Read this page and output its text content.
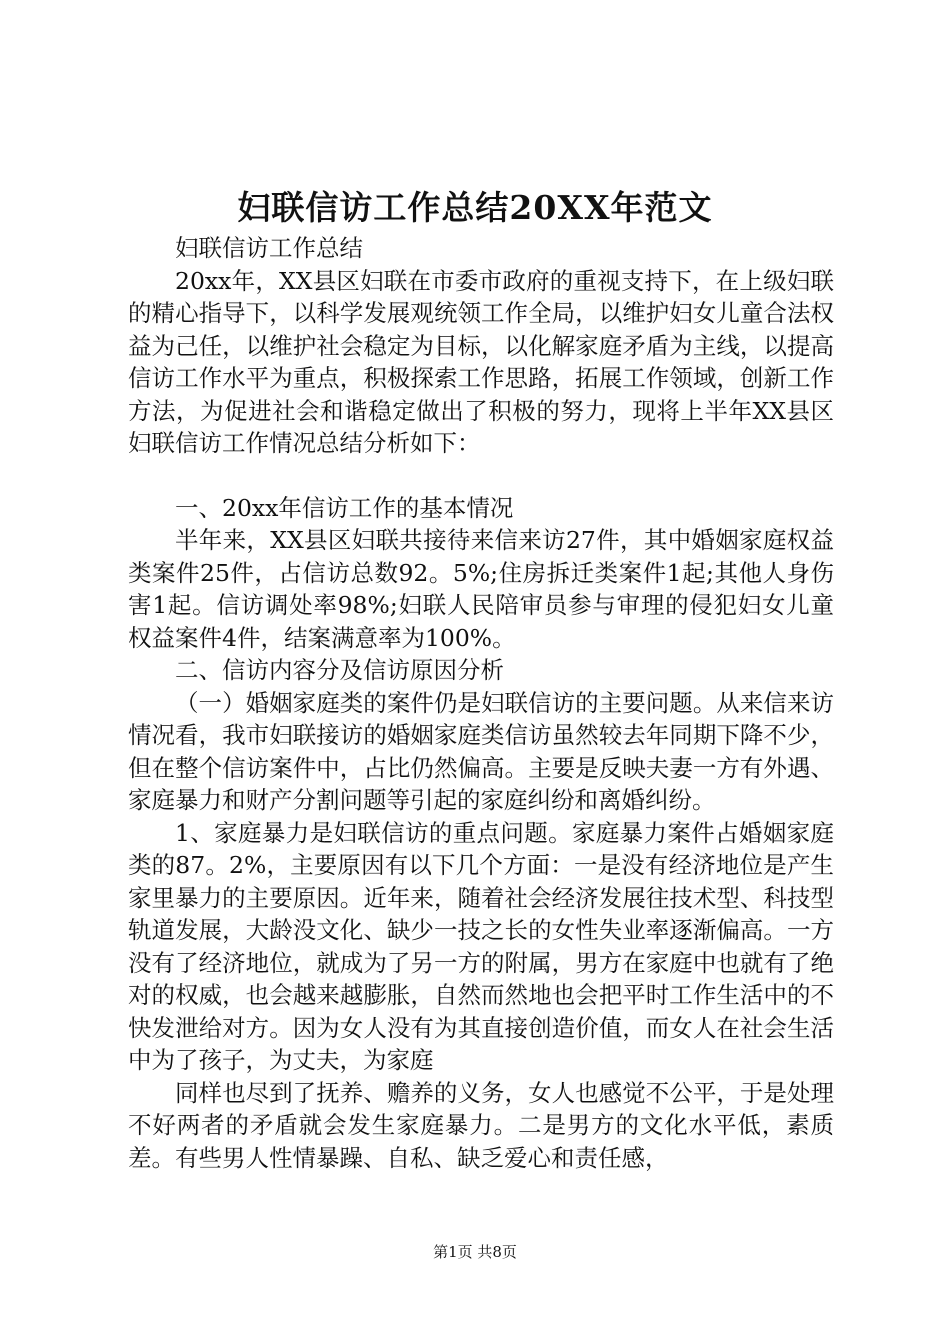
妇联信访工作总结20XX年范文

妇联信访工作总结

20xx年，XX县区妇联在市委市政府的重视支持下，在上级妇联的精心指导下，以科学发展观统领工作全局，以维护妇女儿童合法权益为己任，以维护社会稳定为目标，以化解家庭矛盾为主线，以提高信访工作水平为重点，积极探索工作思路，拓展工作领域，创新工作方法，为促进社会和谐稳定做出了积极的努力，现将上半年XX县区妇联信访工作情况总结分析如下：

一、20xx年信访工作的基本情况

半年来，XX县区妇联共接待来信来访27件，其中婚姻家庭权益类案件25件，占信访总数92。5%;住房拆迁类案件1起;其他人身伤害1起。信访调处率98%;妇联人民陪审员参与审理的侵犯妇女儿童权益案件4件，结案满意率为100%。

二、信访内容分及信访原因分析

（一）婚姻家庭类的案件仍是妇联信访的主要问题。从来信来访情况看，我市妇联接访的婚姻家庭类信访虽然较去年同期下降不少，但在整个信访案件中，占比仍然偏高。主要是反映夫妻一方有外遇、家庭暴力和财产分割问题等引起的家庭纠纷和离婚纠纷。

1、家庭暴力是妇联信访的重点问题。家庭暴力案件占婚姻家庭类的87。2%，主要原因有以下几个方面：一是没有经济地位是产生家里暴力的主要原因。近年来，随着社会经济发展往技术型、科技型轨道发展，大龄没文化、缺少一技之长的女性失业率逐渐偏高。一方没有了经济地位，就成为了另一方的附属，男方在家庭中也就有了绝对的权威，也会越来越膨胀，自然而然地也会把平时工作生活中的不快发泄给对方。因为女人没有为其直接创造价值，而女人在社会生活中为了孩子，为丈夫，为家庭

同样也尽到了抚养、赡养的义务，女人也感觉不公平，于是处理不好两者的矛盾就会发生家庭暴力。二是男方的文化水平低，素质差。有些男人性情暴躁、自私、缺乏爱心和责任感，

第1页 共8页
